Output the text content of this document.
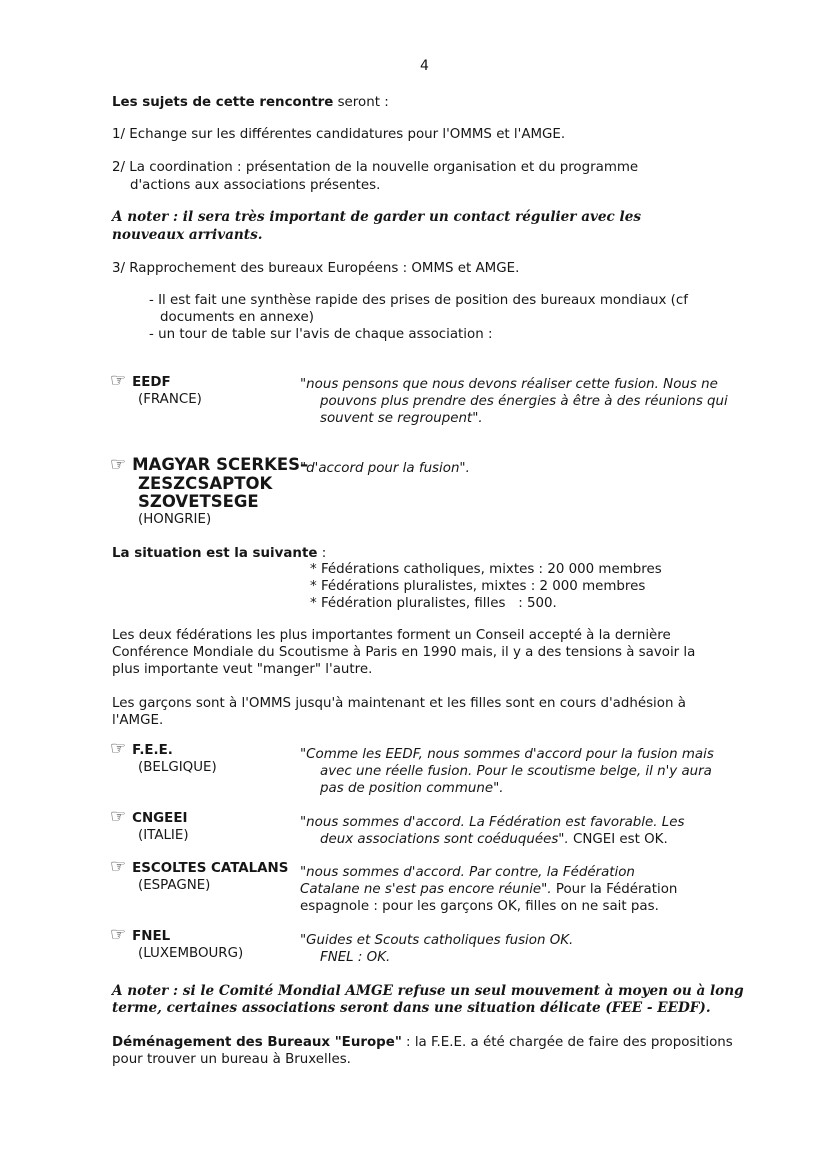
4
Les sujets de cette rencontre seront :
1/ Echange sur les différentes candidatures pour l'OMMS et l'AMGE.
2/ La coordination : présentation de la nouvelle organisation et du programme
d'actions aux associations présentes.
A noter : il sera très important de garder un contact régulier avec les
nouveaux arrivants.
3/ Rapprochement des bureaux Européens : OMMS et AMGE.
- Il est fait une synthèse rapide des prises de position des bureaux mondiaux (cf
documents en annexe)
- un tour de table sur l'avis de chaque association :
☞ EEDF
(FRANCE)
"nous pensons que nous devons réaliser cette fusion. Nous ne
pouvons plus prendre des énergies à être à des réunions qui
souvent se regroupent".
☞ MAGYAR SCERKES–
ZESZCSAPTOK
SZOVETSEGE
(HONGRIE)
"d'accord pour la fusion".
La situation est la suivante :
* Fédérations catholiques, mixtes : 20 000 membres
* Fédérations pluralistes, mixtes : 2 000 membres
* Fédération pluralistes, filles   : 500.
Les deux fédérations les plus importantes forment un Conseil accepté à la dernière
Conférence Mondiale du Scoutisme à Paris en 1990 mais, il y a des tensions à savoir la
plus importante veut "manger" l'autre.
Les garçons sont à l'OMMS jusqu'à maintenant et les filles sont en cours d'adhésion à
l'AMGE.
☞ F.E.E.
(BELGIQUE)
"Comme les EEDF, nous sommes d'accord pour la fusion mais
avec une réelle fusion. Pour le scoutisme belge, il n'y aura
pas de position commune".
☞ CNGEEI
(ITALIE)
"nous sommes d'accord. La Fédération est favorable. Les
deux associations sont coéduquées". CNGEI est OK.
☞ ESCOLTES CATALANS
(ESPAGNE)
"nous sommes d'accord. Par contre, la Fédération
Catalane ne s'est pas encore réunie". Pour la Fédération
espagnole : pour les garçons OK, filles on ne sait pas.
☞ FNEL
(LUXEMBOURG)
"Guides et Scouts catholiques fusion OK.
FNEL : OK.
A noter : si le Comité Mondial AMGE refuse un seul mouvement à moyen ou à long
terme, certaines associations seront dans une situation délicate (FEE - EEDF).
Déménagement des Bureaux "Europe" : la F.E.E. a été chargée de faire des propositions
pour trouver un bureau à Bruxelles.
